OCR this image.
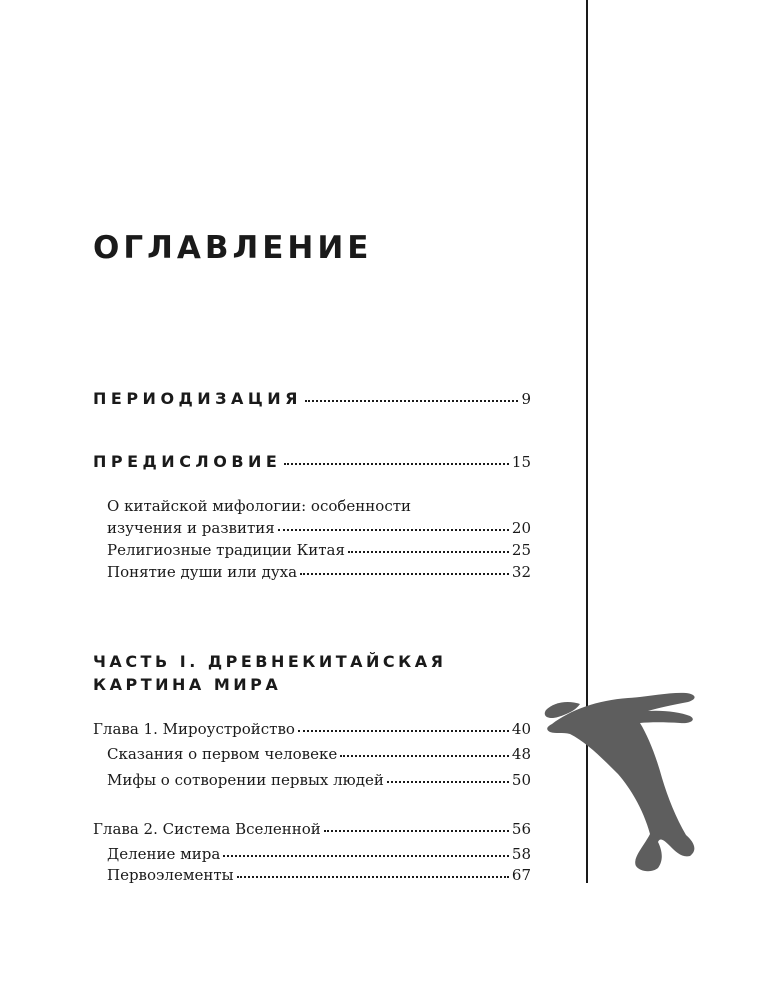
ОГЛАВЛЕНИЕ
ПЕРИОДИЗАЦИЯ	9
ПРЕДИСЛОВИЕ	15
О китайской мифологии: особенности
изучения и развития	20
Религиозные традиции Китая	25
Понятие души или духа	32
ЧАСТЬ I. ДРЕВНЕКИТАЙСКАЯ
КАРТИНА МИРА
Глава 1. Мироустройство	40
Сказания о первом человеке	48
Мифы о сотворении первых людей	50
Глава 2. Система Вселенной	56
Деление мира	58
Первоэлементы	67
